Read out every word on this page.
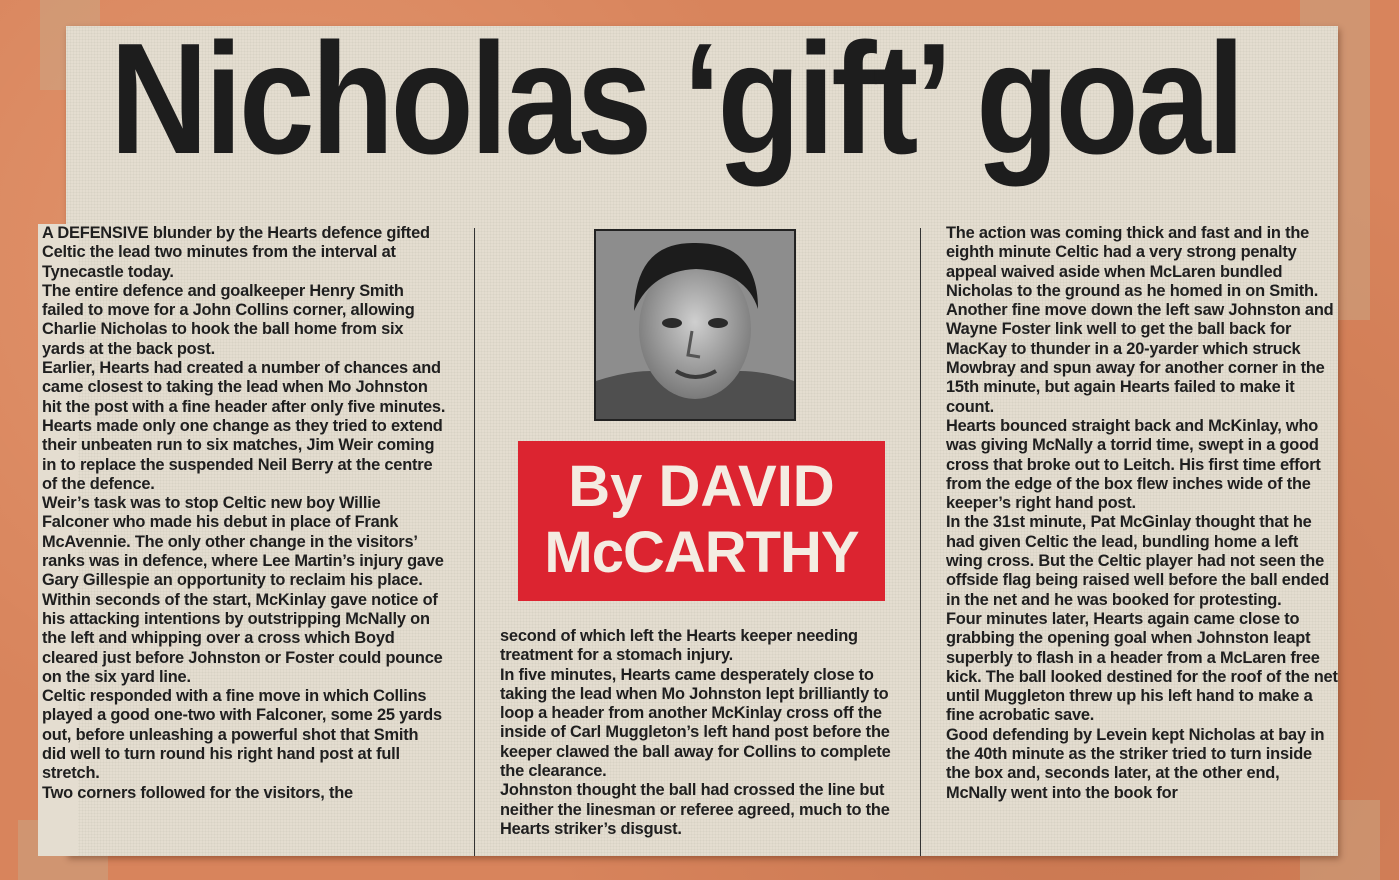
Nicholas ‘gift’ goal

A DEFENSIVE blunder by the Hearts defence gifted Celtic the lead two minutes from the interval at Tynecastle today.

The entire defence and goalkeeper Henry Smith failed to move for a John Collins corner, allowing Charlie Nicholas to hook the ball home from six yards at the back post.

Earlier, Hearts had created a number of chances and came closest to taking the lead when Mo Johnston hit the post with a fine header after only five minutes.

Hearts made only one change as they tried to extend their unbeaten run to six matches, Jim Weir coming in to replace the suspended Neil Berry at the centre of the defence.

Weir’s task was to stop Celtic new boy Willie Falconer who made his debut in place of Frank McAvennie. The only other change in the visitors’ ranks was in defence, where Lee Martin’s injury gave Gary Gillespie an opportunity to reclaim his place.

Within seconds of the start, McKinlay gave notice of his attacking intentions by outstripping McNally on the left and whipping over a cross which Boyd cleared just before Johnston or Foster could pounce on the six yard line.

Celtic responded with a fine move in which Collins played a good one-two with Falconer, some 25 yards out, before unleashing a powerful shot that Smith did well to turn round his right hand post at full stretch.

Two corners followed for the visitors, the

By DAVID
McCARTHY

second of which left the Hearts keeper needing treatment for a stomach injury.

In five minutes, Hearts came desperately close to taking the lead when Mo Johnston lept brilliantly to loop a header from another McKinlay cross off the inside of Carl Muggleton’s left hand post before the keeper clawed the ball away for Collins to complete the clearance.

Johnston thought the ball had crossed the line but neither the linesman or referee agreed, much to the Hearts striker’s disgust.

The action was coming thick and fast and in the eighth minute Celtic had a very strong penalty appeal waived aside when McLaren bundled Nicholas to the ground as he homed in on Smith.

Another fine move down the left saw Johnston and Wayne Foster link well to get the ball back for MacKay to thunder in a 20-yarder which struck Mowbray and spun away for another corner in the 15th minute, but again Hearts failed to make it count.

Hearts bounced straight back and McKinlay, who was giving McNally a torrid time, swept in a good cross that broke out to Leitch. His first time effort from the edge of the box flew inches wide of the keeper’s right hand post.

In the 31st minute, Pat McGinlay thought that he had given Celtic the lead, bundling home a left wing cross. But the Celtic player had not seen the offside flag being raised well before the ball ended in the net and he was booked for protesting.

Four minutes later, Hearts again came close to grabbing the opening goal when Johnston leapt superbly to flash in a header from a McLaren free kick. The ball looked destined for the roof of the net until Muggleton threw up his left hand to make a fine acrobatic save.

Good defending by Levein kept Nicholas at bay in the 40th minute as the striker tried to turn inside the box and, seconds later, at the other end, McNally went into the book for
